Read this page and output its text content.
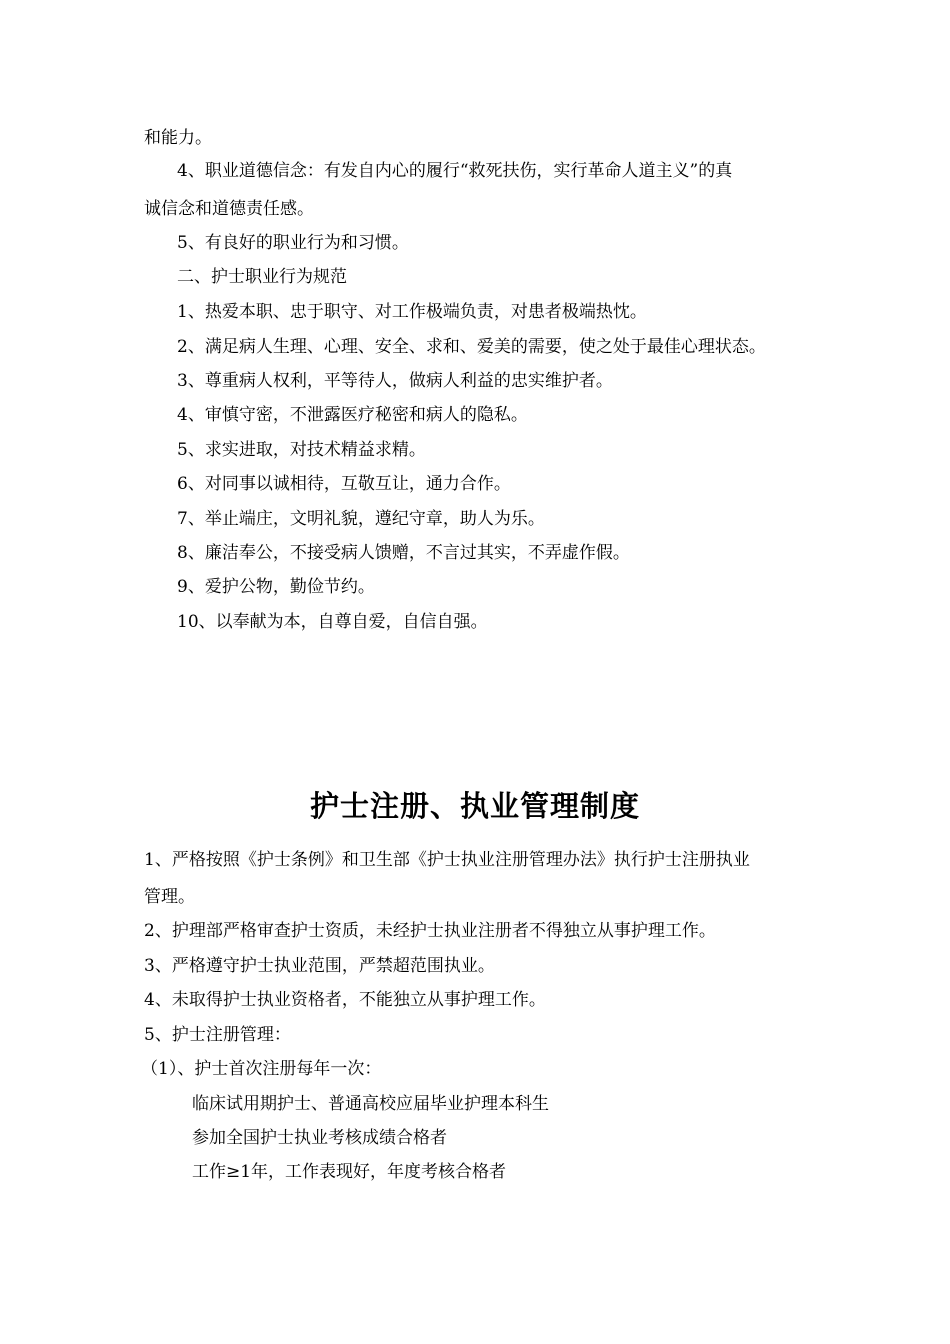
和能力。
4、职业道德信念：有发自内心的履行“救死扶伤，实行革命人道主义”的真
诚信念和道德责任感。
5、有良好的职业行为和习惯。
二、护士职业行为规范
1、热爱本职、忠于职守、对工作极端负责，对患者极端热忱。
2、满足病人生理、心理、安全、求和、爱美的需要，使之处于最佳心理状态。
3、尊重病人权利，平等待人，做病人利益的忠实维护者。
4、审慎守密，不泄露医疗秘密和病人的隐私。
5、求实进取，对技术精益求精。
6、对同事以诚相待，互敬互让，通力合作。
7、举止端庄，文明礼貌，遵纪守章，助人为乐。
8、廉洁奉公，不接受病人馈赠，不言过其实，不弄虚作假。
9、爱护公物，勤俭节约。
10、以奉献为本，自尊自爱，自信自强。
护士注册、执业管理制度
1、严格按照《护士条例》和卫生部《护士执业注册管理办法》执行护士注册执业
管理。
2、护理部严格审查护士资质，未经护士执业注册者不得独立从事护理工作。
3、严格遵守护士执业范围，严禁超范围执业。
4、未取得护士执业资格者，不能独立从事护理工作。
5、护士注册管理：
（1）、护士首次注册每年一次：
临床试用期护士、普通高校应届毕业护理本科生
参加全国护士执业考核成绩合格者
工作≥1年，工作表现好，年度考核合格者
